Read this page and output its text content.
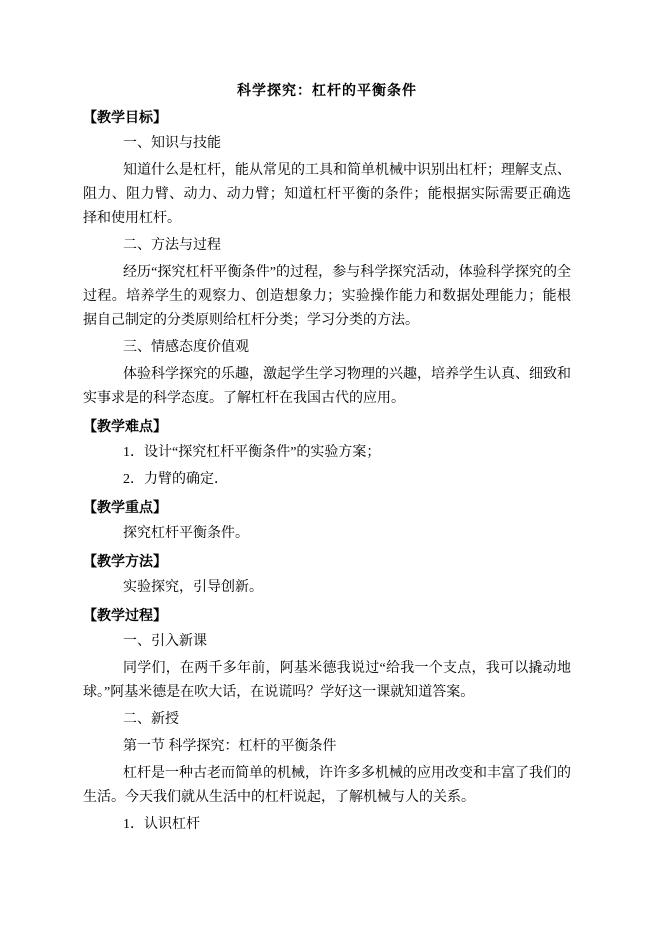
科学探究：杠杆的平衡条件

【教学目标】

一、知识与技能

知道什么是杠杆，能从常见的工具和简单机械中识别出杠杆；理解支点、阻力、阻力臂、动力、动力臂；知道杠杆平衡的条件；能根据实际需要正确选择和使用杠杆。

二、方法与过程

经历“探究杠杆平衡条件”的过程，参与科学探究活动，体验科学探究的全过程。培养学生的观察力、创造想象力；实验操作能力和数据处理能力；能根据自己制定的分类原则给杠杆分类；学习分类的方法。

三、情感态度价值观

体验科学探究的乐趣，激起学生学习物理的兴趣，培养学生认真、细致和实事求是的科学态度。了解杠杆在我国古代的应用。

【教学难点】

1．设计“探究杠杆平衡条件”的实验方案；

2．力臂的确定．

【教学重点】

探究杠杆平衡条件。

【教学方法】

实验探究，引导创新。

【教学过程】

一、引入新课

同学们，在两千多年前，阿基米德我说过“给我一个支点，我可以撬动地球。”阿基米德是在吹大话，在说谎吗？学好这一课就知道答案。

二、新授

第一节 科学探究：杠杆的平衡条件

杠杆是一种古老而简单的机械，许许多多机械的应用改变和丰富了我们的生活。今天我们就从生活中的杠杆说起，了解机械与人的关系。

1．认识杠杆
